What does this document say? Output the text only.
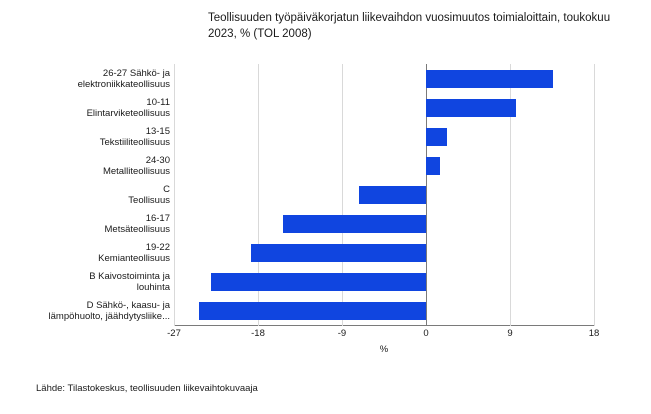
Teollisuuden työpäiväkorjatun liikevaihdon vuosimuutos toimialoittain, toukokuu 2023, % (TOL 2008)
26-27 Sähkö- ja
elektroniikkateollisuus
10-11
Elintarviketeollisuus
13-15
Tekstiiliteollisuus
24-30
Metalliteollisuus
C
Teollisuus
16-17
Metsäteollisuus
19-22
Kemianteollisuus
B Kaivostoiminta ja
louhinta
D Sähkö-, kaasu- ja
lämpöhuolto, jäähdytysliike...
-27	-18	-9	0	9	18
%
Lähde: Tilastokeskus, teollisuuden liikevaihtokuvaaja
